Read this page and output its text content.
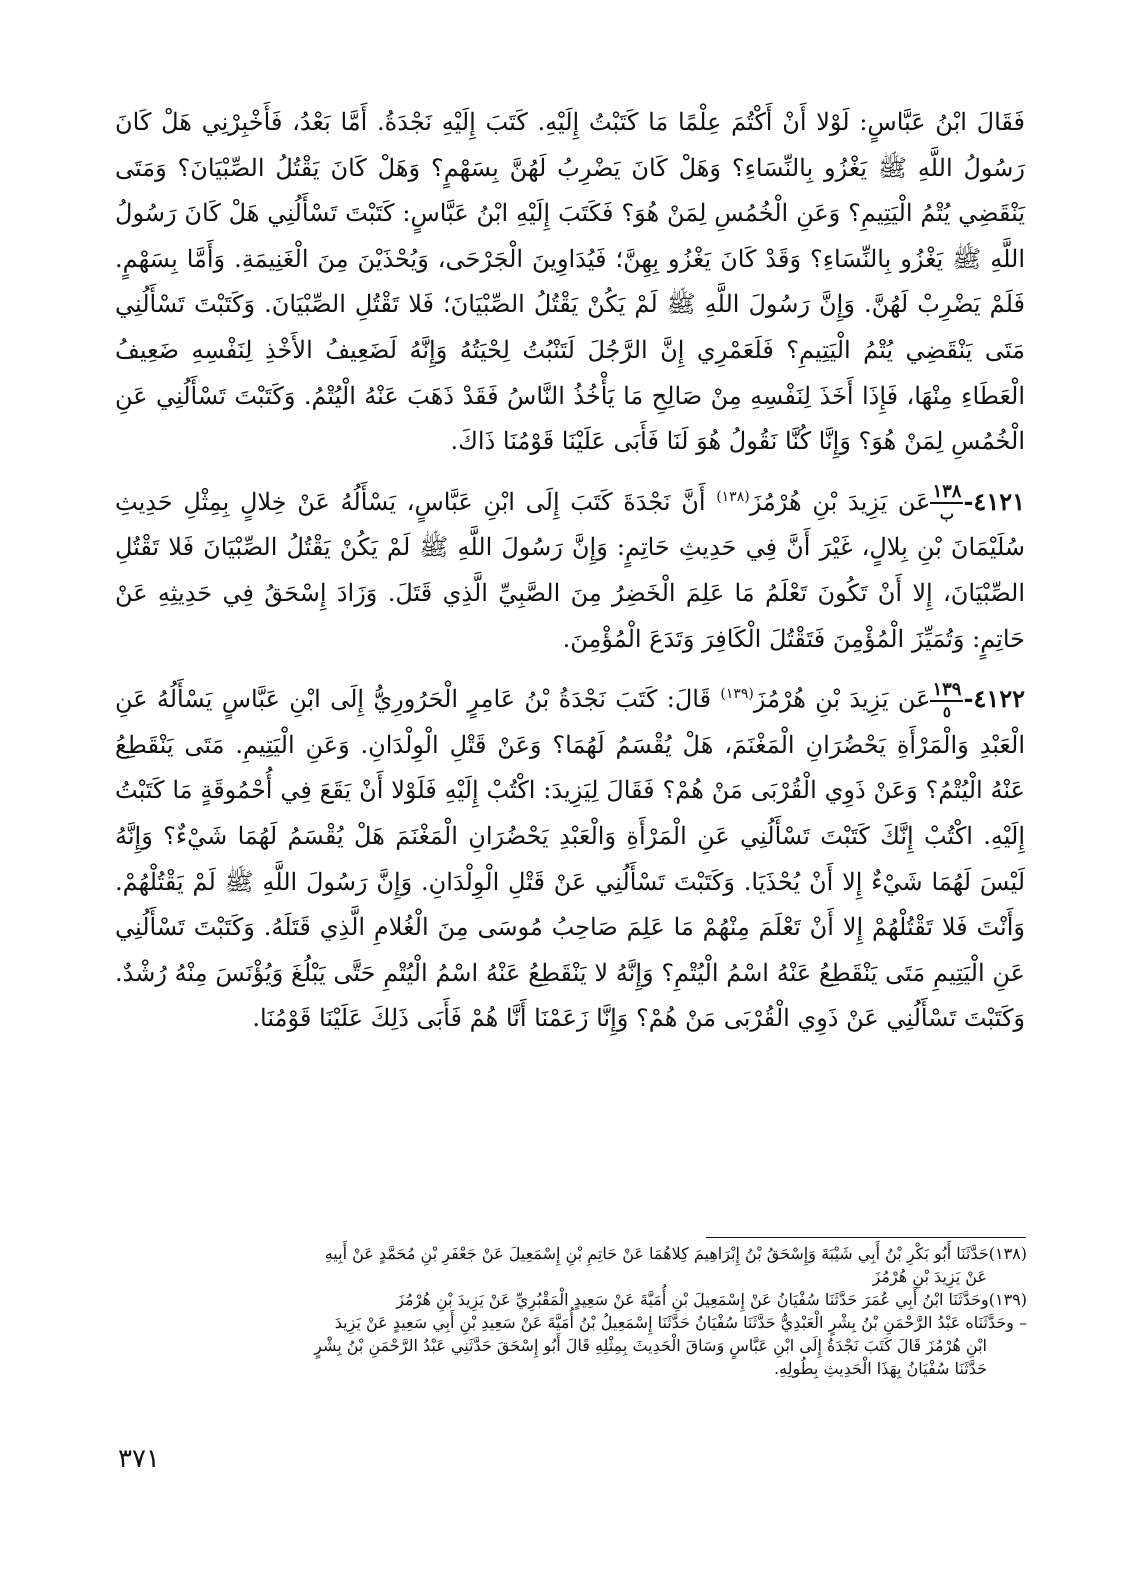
فَقَالَ ابْنُ عَبَّاسٍ: لَوْلا أَنْ أَكْتُمَ عِلْمًا مَا كَتَبْتُ إِلَيْهِ. كَتَبَ إِلَيْهِ نَجْدَةُ. أَمَّا بَعْدُ، فَأَخْبِرْنِي هَلْ كَانَ رَسُولُ اللَّهِ ﷺ يَغْزُو بِالنِّسَاءِ؟ وَهَلْ كَانَ يَضْرِبُ لَهُنَّ بِسَهْمٍ؟ وَهَلْ كَانَ يَقْتُلُ الصِّبْيَانَ؟ وَمَتَى يَنْقَضِي يُتْمُ الْيَتِيمِ؟ وَعَنِ الْخُمُسِ لِمَنْ هُوَ؟ فَكَتَبَ إِلَيْهِ ابْنُ عَبَّاسٍ: كَتَبْتَ تَسْأَلُنِي هَلْ كَانَ رَسُولُ اللَّهِ ﷺ يَغْزُو بِالنِّسَاءِ؟ وَقَدْ كَانَ يَغْزُو بِهِنَّ؛ فَيُدَاوِينَ الْجَرْحَى، وَيُحْذَيْنَ مِنَ الْغَنِيمَةِ. وَأَمَّا بِسَهْمٍ. فَلَمْ يَضْرِبْ لَهُنَّ. وَإِنَّ رَسُولَ اللَّهِ ﷺ لَمْ يَكُنْ يَقْتُلُ الصِّبْيَانَ؛ فَلا تَقْتُلِ الصِّبْيَانَ. وَكَتَبْتَ تَسْأَلُنِي مَتَى يَنْقَضِي يُتْمُ الْيَتِيمِ؟ فَلَعَمْرِي إِنَّ الرَّجُلَ لَتَنْبُتُ لِحْيَتُهُ وَإِنَّهُ لَضَعِيفُ الأَخْذِ لِنَفْسِهِ ضَعِيفُ الْعَطَاءِ مِنْهَا، فَإِذَا أَخَذَ لِنَفْسِهِ مِنْ صَالِحِ مَا يَأْخُذُ النَّاسُ فَقَدْ ذَهَبَ عَنْهُ الْيُتْمُ. وَكَتَبْتَ تَسْأَلُنِي عَنِ الْخُمُسِ لِمَنْ هُوَ؟ وَإِنَّا كُنَّا نَقُولُ هُوَ لَنَا فَأَبَى عَلَيْنَا قَوْمُنَا ذَاكَ.

٤١٢١-
١٣٨
ب
عَن يَزِيدَ بْنِ هُرْمُزَ$^{(١٣٨)}$ أَنَّ نَجْدَةَ كَتَبَ إِلَى ابْنِ عَبَّاسٍ، يَسْأَلُهُ عَنْ خِلالٍ بِمِثْلِ حَدِيثِ سُلَيْمَانَ بْنِ بِلالٍ، غَيْرَ أَنَّ فِي حَدِيثِ حَاتِمٍ: وَإِنَّ رَسُولَ اللَّهِ ﷺ لَمْ يَكُنْ يَقْتُلُ الصِّبْيَانَ فَلا تَقْتُلِ الصِّبْيَانَ، إِلا أَنْ تَكُونَ تَعْلَمُ مَا عَلِمَ الْخَضِرُ مِنَ الصَّبِيِّ الَّذِي قَتَلَ. وَزَادَ إِسْحَقُ فِي حَدِيثِهِ عَنْ حَاتِمٍ: وَتُمَيِّزَ الْمُؤْمِنَ فَتَقْتُلَ الْكَافِرَ وَتَدَعَ الْمُؤْمِنَ.

٤١٢٢-
١٣٩
٥
عَن يَزِيدَ بْنِ هُرْمُزَ$^{(١٣٩)}$ قَالَ: كَتَبَ نَجْدَةُ بْنُ عَامِرٍ الْحَرُورِيُّ إِلَى ابْنِ عَبَّاسٍ يَسْأَلُهُ عَنِ الْعَبْدِ وَالْمَرْأَةِ يَحْضُرَانِ الْمَغْنَمَ، هَلْ يُقْسَمُ لَهُمَا؟ وَعَنْ قَتْلِ الْوِلْدَانِ. وَعَنِ الْيَتِيمِ. مَتَى يَنْقَطِعُ عَنْهُ الْيُتْمُ؟ وَعَنْ ذَوِي الْقُرْبَى مَنْ هُمْ؟ فَقَالَ لِيَزِيدَ: اكْتُبْ إِلَيْهِ فَلَوْلا أَنْ يَقَعَ فِي أُحْمُوقَةٍ مَا كَتَبْتُ إِلَيْهِ. اكْتُبْ إِنَّكَ كَتَبْتَ تَسْأَلُنِي عَنِ الْمَرْأَةِ وَالْعَبْدِ يَحْضُرَانِ الْمَغْنَمَ هَلْ يُقْسَمُ لَهُمَا شَيْءٌ؟ وَإِنَّهُ لَيْسَ لَهُمَا شَيْءٌ إِلا أَنْ يُحْذَيَا. وَكَتَبْتَ تَسْأَلُنِي عَنْ قَتْلِ الْوِلْدَانِ. وَإِنَّ رَسُولَ اللَّهِ ﷺ لَمْ يَقْتُلْهُمْ. وَأَنْتَ فَلا تَقْتُلْهُمْ إِلا أَنْ تَعْلَمَ مِنْهُمْ مَا عَلِمَ صَاحِبُ مُوسَى مِنَ الْغُلامِ الَّذِي قَتَلَهُ. وَكَتَبْتَ تَسْأَلُنِي عَنِ الْيَتِيمِ مَتَى يَنْقَطِعُ عَنْهُ اسْمُ الْيُتْمِ؟ وَإِنَّهُ لا يَنْقَطِعُ عَنْهُ اسْمُ الْيُتْمِ حَتَّى يَبْلُغَ وَيُؤْنَسَ مِنْهُ رُشْدٌ. وَكَتَبْتَ تَسْأَلُنِي عَنْ ذَوِي الْقُرْبَى مَنْ هُمْ؟ وَإِنَّا زَعَمْنَا أَنَّا هُمْ فَأَبَى ذَلِكَ عَلَيْنَا قَوْمُنَا.

(١٣٨)حَدَّثَنَا أَبُو بَكْرِ بْنُ أَبِي شَيْبَةَ وَإِسْحَقُ بْنُ إِبْرَاهِيمَ كِلاهُمَا عَنْ حَاتِمِ بْنِ إِسْمَعِيلَ عَنْ جَعْفَرِ بْنِ مُحَمَّدٍ عَنْ أَبِيهِ

عَنْ يَزِيدَ بْنِ هُرْمُزَ

(١٣٩)وحَدَّثَنَا ابْنُ أَبِي عُمَرَ حَدَّثَنَا سُفْيَانُ عَنْ إِسْمَعِيلَ بْنِ أُمَيَّةَ عَنْ سَعِيدٍ الْمَقْبُرِيِّ عَنْ يَزِيدَ بْنِ هُرْمُزَ

– وحَدَّثَنَاه عَبْدُ الرَّحْمَنِ بْنُ بِشْرٍ الْعَبْدِيُّ حَدَّثَنَا سُفْيَانُ حَدَّثَنَا إِسْمَعِيلُ بْنُ أُمَيَّةَ عَنْ سَعِيدِ بْنِ أَبِي سَعِيدٍ عَنْ يَزِيدَ

ابْنِ هُرْمُزَ قَالَ كَتَبَ نَجْدَةُ إِلَى ابْنِ عَبَّاسٍ وَسَاقَ الْحَدِيثَ بِمِثْلِهِ قَالَ أَبُو إِسْحَقَ حَدَّثَنِي عَبْدُ الرَّحْمَنِ بْنُ بِشْرٍ

حَدَّثَنَا سُفْيَانُ بِهَذَا الْحَدِيثِ بِطُولِهِ.

٣٧١
